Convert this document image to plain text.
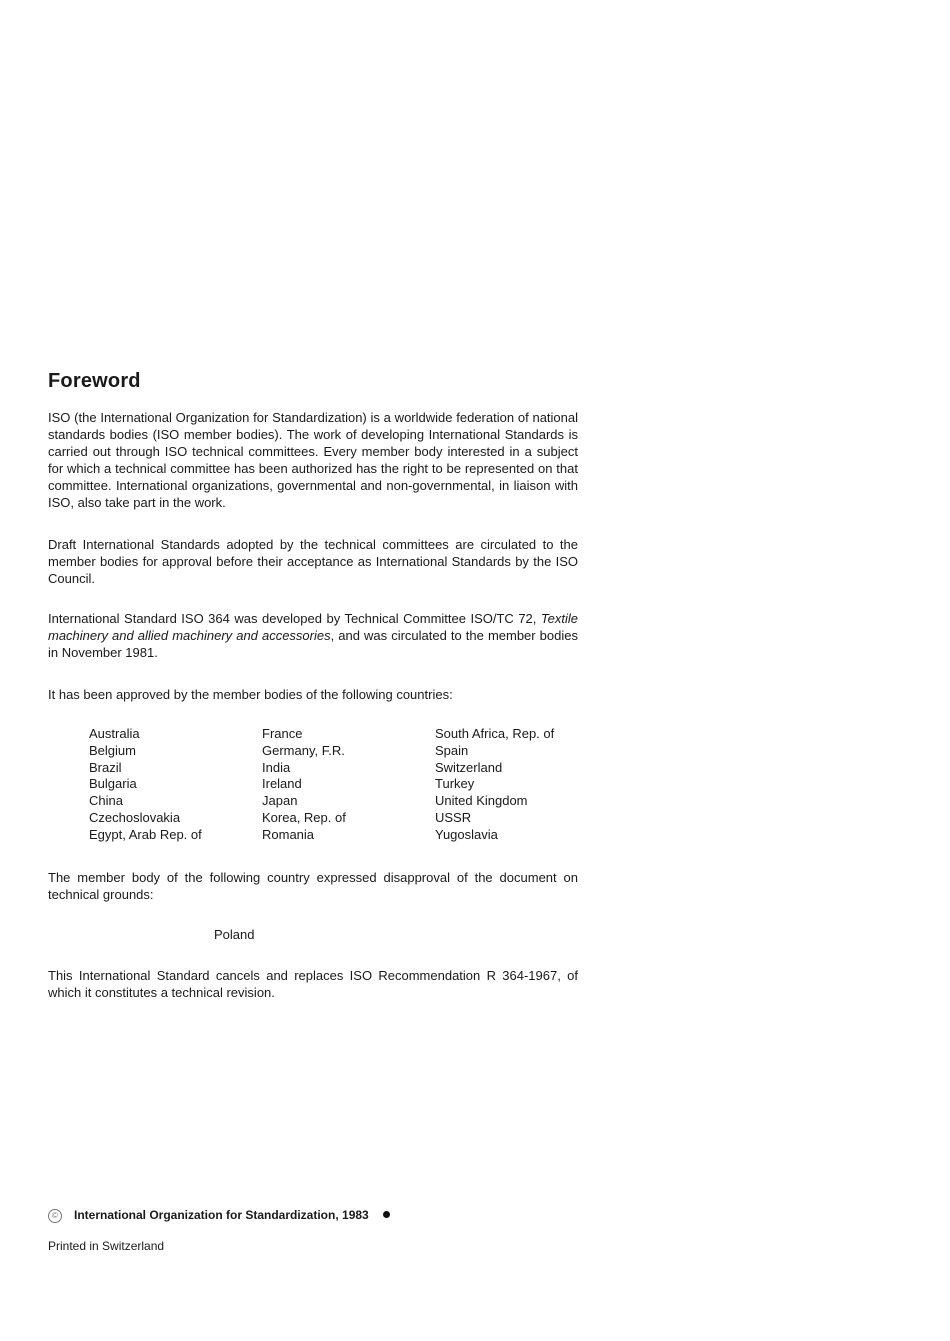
Foreword

ISO (the International Organization for Standardization) is a worldwide federation of national standards bodies (ISO member bodies). The work of developing International Standards is carried out through ISO technical committees. Every member body interested in a subject for which a technical committee has been authorized has the right to be represented on that committee. International organizations, governmental and non-governmental, in liaison with ISO, also take part in the work.

Draft International Standards adopted by the technical committees are circulated to the member bodies for approval before their acceptance as International Standards by the ISO Council.

International Standard ISO 364 was developed by Technical Committee ISO/TC 72, Textile machinery and allied machinery and accessories, and was circulated to the member bodies in November 1981.

It has been approved by the member bodies of the following countries:

The member body of the following country expressed disapproval of the document on technical grounds:

This International Standard cancels and replaces ISO Recommendation R 364-1967, of which it constitutes a technical revision.

Australia
Belgium
Brazil
Bulgaria
China
Czechoslovakia
Egypt, Arab Rep. of
France
Germany, F.R.
India
Ireland
Japan
Korea, Rep. of
Romania
South Africa, Rep. of
Spain
Switzerland
Turkey
United Kingdom
USSR
Yugoslavia
Poland
© International Organization for Standardization, 1983
Printed in Switzerland
